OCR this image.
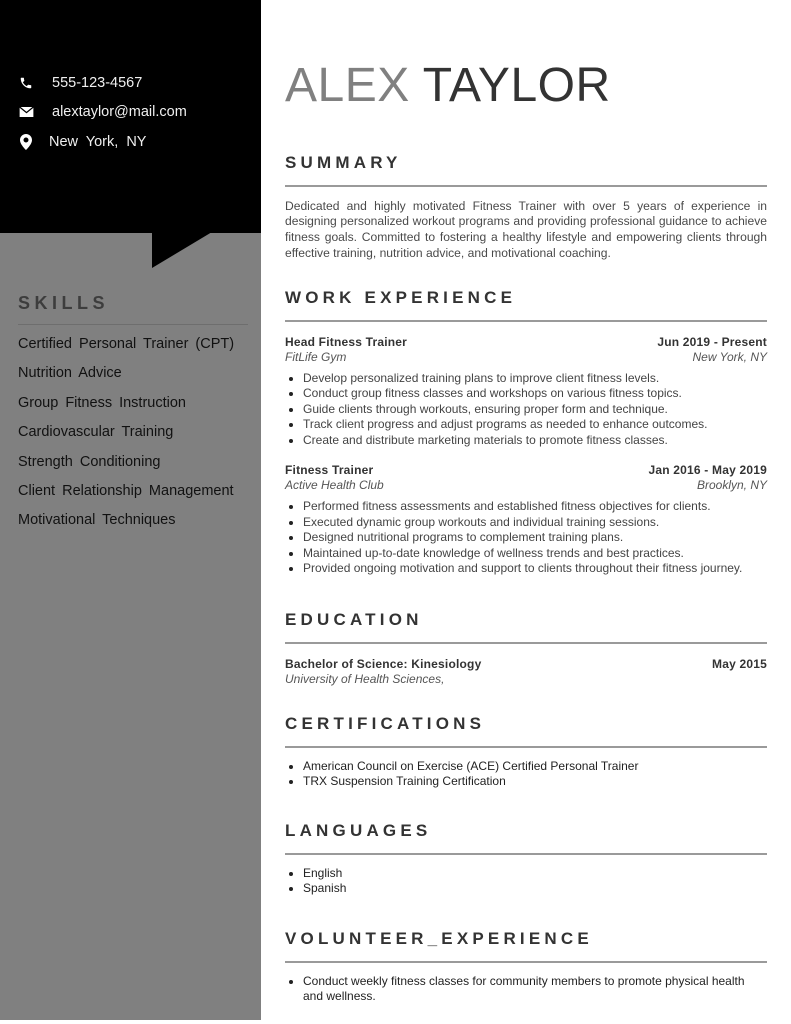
555-123-4567
alextaylor@mail.com
New York, NY
SKILLS
Certified Personal Trainer (CPT)
Nutrition Advice
Group Fitness Instruction
Cardiovascular Training
Strength Conditioning
Client Relationship Management
Motivational Techniques
ALEX TAYLOR
SUMMARY

Dedicated and highly motivated Fitness Trainer with over 5 years of experience in designing personalized workout programs and providing professional guidance to achieve fitness goals. Committed to fostering a healthy lifestyle and empowering clients through effective training, nutrition advice, and motivational coaching.

WORK EXPERIENCE
Head Fitness Trainer	Jun 2019 - Present
FitLife Gym	New York, NY
Develop personalized training plans to improve client fitness levels.
Conduct group fitness classes and workshops on various fitness topics.
Guide clients through workouts, ensuring proper form and technique.
Track client progress and adjust programs as needed to enhance outcomes.
Create and distribute marketing materials to promote fitness classes.
Fitness Trainer	Jan 2016 - May 2019
Active Health Club	Brooklyn, NY
Performed fitness assessments and established fitness objectives for clients.
Executed dynamic group workouts and individual training sessions.
Designed nutritional programs to complement training plans.
Maintained up-to-date knowledge of wellness trends and best practices.
Provided ongoing motivation and support to clients throughout their fitness journey.
EDUCATION
Bachelor of Science: Kinesiology	May 2015
University of Health Sciences,
CERTIFICATIONS
American Council on Exercise (ACE) Certified Personal Trainer
TRX Suspension Training Certification
LANGUAGES
English
Spanish
VOLUNTEER_EXPERIENCE
Conduct weekly fitness classes for community members to promote physical health and wellness.
